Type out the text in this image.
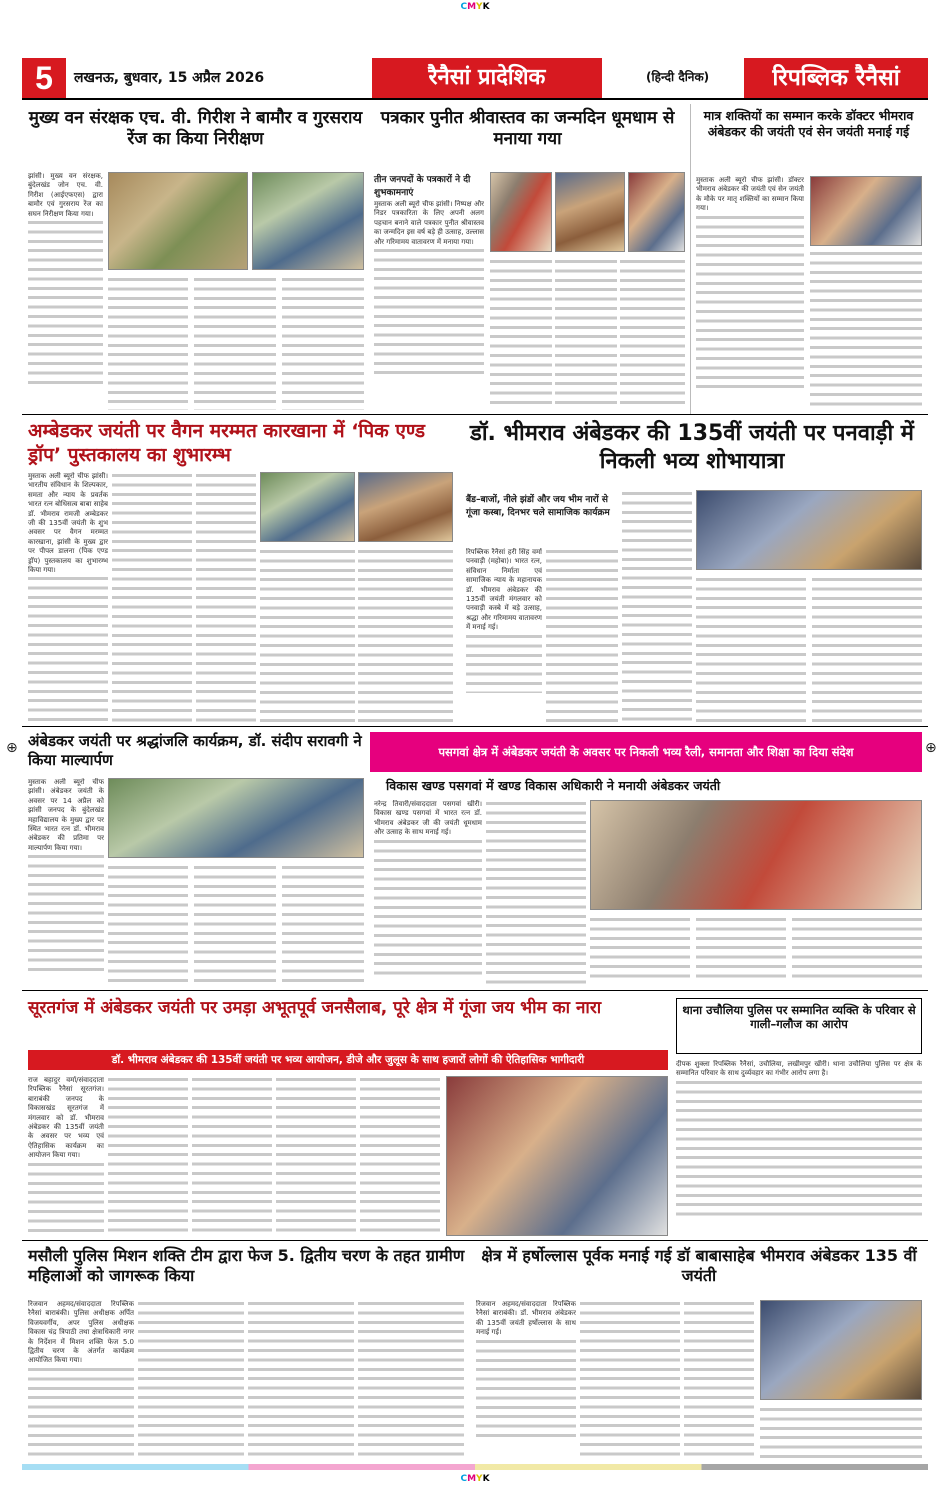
CMYK
⊕	⊕
5	लखनऊ, बुधवार, 15 अप्रैल 2026	रैनैसां प्रादेशिक	(हिन्दी दैनिक)	रिपब्लिक रैनैसां
मुख्य वन संरक्षक एच. वी. गिरीश ने बामौर व गुरसराय रेंज का किया निरीक्षण
झांसी। मुख्य वन संरक्षक, बुंदेलखंड जोन एच. वी. गिरीश (आईएफएस) द्वारा बामौर एवं गुरसराय रेंज का सघन निरीक्षण किया गया।
पत्रकार पुनीत श्रीवास्तव का जन्मदिन धूमधाम से मनाया गया
तीन जनपदों के पत्रकारों ने दी शुभकामनाएं
मुस्ताक अली ब्यूरो चीफ झांसी। निष्पक्ष और निडर पत्रकारिता के लिए अपनी अलग पहचान बनाने वाले पत्रकार पुनीत श्रीवास्तव का जन्मदिन इस वर्ष बड़े ही उत्साह, उल्लास और गरिमामय वातावरण में मनाया गया।
मात्र शक्तियों का सम्मान करके डॉक्टर भीमराव अंबेडकर की जयंती एवं सेन जयंती मनाई गई
मुस्ताक अली ब्यूरो चीफ झांसी। डॉक्टर भीमराव अंबेडकर की जयंती एवं सेन जयंती के मौके पर मातृ शक्तियों का सम्मान किया गया।
अम्बेडकर जयंती पर वैगन मरम्मत कारखाना में ‘पिक एण्ड ड्रॉप’ पुस्तकालय का शुभारम्भ
मुस्ताक अली ब्यूरो चीफ झांसी। भारतीय संविधान के शिल्पकार, समता और न्याय के प्रवर्तक भारत रत्न बोधिसत्व बाबा साहेब डॉ. भीमराव रामजी अम्बेडकर जी की 135वीं जयंती के शुभ अवसर पर वैगन मरम्मत कारखाना, झांसी के मुख्य द्वार पर पीपल डालना (पिक एण्ड ड्रॉप) पुस्तकालय का शुभारम्भ किया गया।
डॉ. भीमराव अंबेडकर की 135वीं जयंती पर पनवाड़ी में निकली भव्य शोभायात्रा
बैंड–बाजों, नीले झंडों और जय भीम नारों से गूंजा कस्बा, दिनभर चले सामाजिक कार्यक्रम
रिपब्लिक रैनैसां हरी सिंह वर्मा पनवाड़ी (महोबा)। भारत रत्न, संविधान निर्माता एवं सामाजिक न्याय के महानायक डॉ. भीमराव अंबेडकर की 135वीं जयंती मंगलवार को पनवाड़ी कस्बे में बड़े उत्साह, श्रद्धा और गरिमामय वातावरण में मनाई गई।
अंबेडकर जयंती पर श्रद्धांजलि कार्यक्रम, डॉ. संदीप सरावगी ने किया माल्यार्पण
मुस्ताक अली ब्यूरो चीफ झांसी। अंबेडकर जयंती के अवसर पर 14 अप्रैल को झांसी जनपद के बुंदेलखंड महाविद्यालय के मुख्य द्वार पर स्थित भारत रत्न डॉ. भीमराव अंबेडकर की प्रतिमा पर माल्यार्पण किया गया।
पसगवां क्षेत्र में अंबेडकर जयंती के अवसर पर निकली भव्य रैली, समानता और शिक्षा का दिया संदेश
विकास खण्ड पसगवां में खण्ड विकास अधिकारी ने मनायी अंबेडकर जयंती
नरेन्द्र तिवारी/संवाददाता पसगवां खीरी। विकास खण्ड पसगवां में भारत रत्न डॉ. भीमराव अंबेडकर जी की जयंती धूमधाम और उत्साह के साथ मनाई गई।
सूरतगंज में अंबेडकर जयंती पर उमड़ा अभूतपूर्व जनसैलाब, पूरे क्षेत्र में गूंजा जय भीम का नारा
डॉ. भीमराव अंबेडकर की 135वीं जयंती पर भव्य आयोजन, डीजे और जुलूस के साथ हजारों लोगों की ऐतिहासिक भागीदारी
राज बहादुर वर्मा/संवाददाता रिपब्लिक रैनैसां सूरतगंज। बाराबंकी जनपद के विकासखंड सूरतगंज में मंगलवार को डॉ. भीमराव अंबेडकर की 135वीं जयंती के अवसर पर भव्य एवं ऐतिहासिक कार्यक्रम का आयोजन किया गया।
थाना उचौलिया पुलिस पर सम्मानित व्यक्ति के परिवार से गाली–गलौज का आरोप
दीपक शुक्ला रिपब्लिक रैनैसां, उचौलिया, लखीमपुर खीरी। थाना उचौलिया पुलिस पर क्षेत्र के सम्मानित परिवार के साथ दुर्व्यवहार का गंभीर आरोप लगा है।
मसौली पुलिस मिशन शक्ति टीम द्वारा फेज 5. द्वितीय चरण के तहत ग्रामीण महिलाओं को जागरूक किया
रिजवान अहमद/संवाददाता रिपब्लिक रैनैसां बाराबंकी। पुलिस अधीक्षक अर्पित विजयवर्गीय, अपर पुलिस अधीक्षक विकास चंद्र त्रिपाठी तथा क्षेत्राधिकारी नगर के निर्देशन में मिशन शक्ति फेज 5.0 द्वितीय चरण के अंतर्गत कार्यक्रम आयोजित किया गया।
क्षेत्र में हर्षोल्लास पूर्वक मनाई गई डॉ बाबासाहेब भीमराव अंबेडकर 135 वीं जयंती
रिजवान अहमद/संवाददाता रिपब्लिक रैनैसां बाराबंकी। डॉ. भीमराव अंबेडकर की 135वीं जयंती हर्षोल्लास के साथ मनाई गई।
CMYK
